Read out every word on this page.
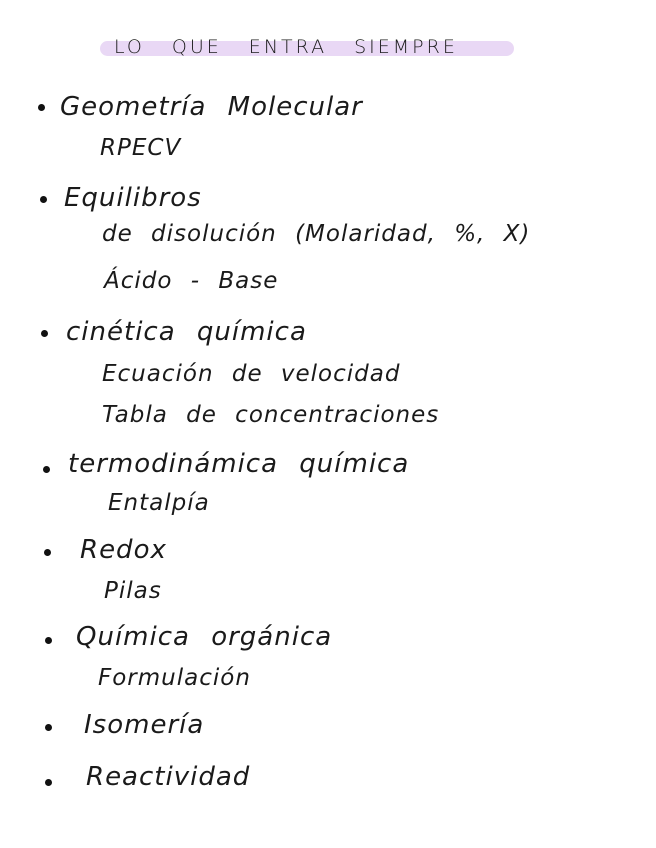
LO QUE ENTRA SIEMPRE
Geometría Molecular
RPECV
Equilibros
de disolución (Molaridad, %, X)
Ácido - Base
cinética química
Ecuación de velocidad
Tabla de concentraciones
termodinámica química
Entalpía
Redox
Pilas
Química orgánica
Formulación
Isomería
Reactividad
